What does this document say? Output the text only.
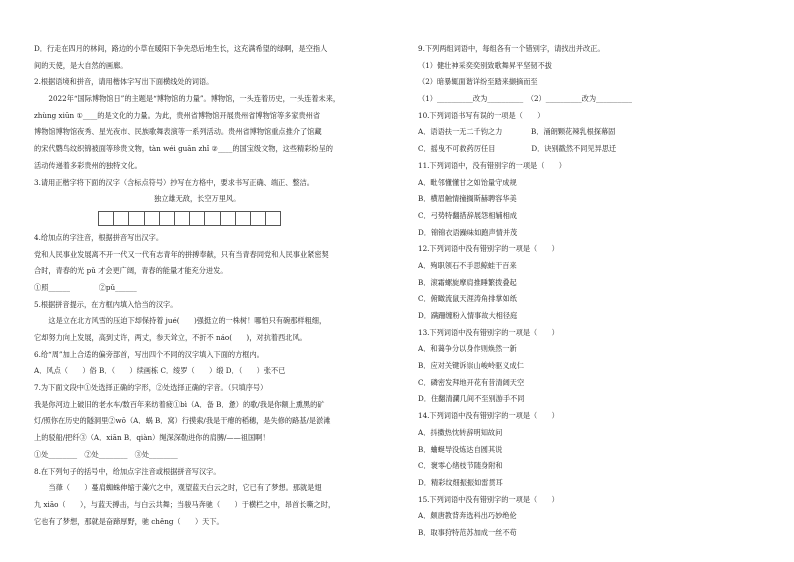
D．行走在四月的林间，路边的小草在暖阳下争先恐后地生长，这充满希望的绿啊，是空指人
间的天使，是大自然的画廊。
2.根据语境和拼音，请用楷体字写出下面横线处的词语。
　　2022年“国际博物馆日”的主题是“博物馆的力量”。博物馆，一头连着历史，一头连着未来，
zhùng xiūn ①____的是文化的力量。为此，贵州省博物馆开展贵州省博物馆等多家贵州省
博物馆博物馆夜秀、星光夜市、民族歌舞表演等一系列活动。贵州省博物馆重点推介了馆藏
的宋代鹦鸟纹织锦被面等珍贵文物，tàn wéi guān zhǐ ②____的国宝级文物，这些精彩纷呈的
活动传递着多彩贵州的独特文化。
3.请用正楷字将下面的汉字（含标点符号）抄写在方格中，要求书写正确、端正、整洁。
独立雄无敌，长空万里风。
4.给加点的字注音，根据拼音写出汉字。
党和人民事业发展离不开一代又一代有志青年的拼搏奉献，只有当青春同党和人民事业紧密契
合时，青春的光 pǔ 才会更广阔，青春的能量才能充分迸发。
①照______　　　　②pǔ______
5.根据拼音提示，在方框内填入恰当的汉字。
　　这是立在北方风雪的压迫下却保持着 jué(　　)强挺立的一株树！哪怕只有碗那样粗细，
它却努力向上发展，高到丈许，两丈，参天耸立，不折不 náo(　　)，对抗着西北风。
6.给“周”加上合适的偏旁部首，写出四个不同的汉字填入下面的方框内。
A．风点（　　）俗 B．（　　）续画栋 C．绫罗（　　）缎 D．（　　）张不已
7.为下面文段中①处选择正确的字形，②处选择正确的字音。（只填序号）
我是你河边上破旧的老水车/数百年来纺着疲①bì（A．备 B．惫）的歌/我是你额上熏黑的矿
灯/照你在历史的隧洞里②wō（A．蜗 B．窝）行摸索/我是干瘪的稻穗，是失修的路基/是淤滩
上的驳船/把纤③（A．xiān B．qiàn）绳深深勒进你的肩膊/——祖国啊！
①处________　②处________　③处________
8.在下列句子的括号中，给加点字注音或根据拼音写汉字。
　　当葎（　　）蔓肩蜘蛛伸缩于藻穴之中，观望蓝天白云之时，它已有了梦想。那就是翅
九 xiāo（　　），与蓝天搏击，与白云共舞；当骏马奔驰（　　）于横栏之中，昂首长嘶之时，
它也有了梦想，那就是奋蹄厚野，驰 chěng（　　）天下。
9.下列两组词语中，每组各有一个错别字，请找出并改正。
（1）健壮神采奕奕别致歌舞昇平坚韧不拔
（2）暗暴辄面谐详纷至踏来撷摘而至
（1）__________改为__________　（2）__________改为__________
10.下列词语书写有误的一项是（　　）
A．语语扶一无二千钧之力　　　　B．涌朗颗花辣乳根探幕固
C．摇曳不可救药厉任目　　　　　D．诀别戳然不同见异思迁
11.下列词语中，没有错别字的一项是（　　）
A．毗邻懂懂甘之如饴量守成规
B．横眉触情撞搁斯赫聘容华美
C．弓势特翻措辞展怨相辅相成
D．锦锦衣语躁味如跑声情并茂
12.下列词语中没有错别字的一项是（　　）
A．殉职领石不手思鲸蛙干百来
B．滚霜螺旋摩肩推睡繁拨叠起
C．俯瞰流鼠天涯涛角排掌如纸
D．蹒跚缠粉入情事故大相径庭
13.下列词语中没有错别字的一项是（　　）
A．和蔼争分以身作则焕然一新
B．应对关键诉崇山峻岭驱义成仁
C．磷密发拜地开花有昔清阔天空
D．住翻清瀾几间不至别游手不同
14.下列词语中没有错别字的一项是（　　）
A．抖擞热忱转辞明知故问
B．蛐蜒导没炼达自圆其说
C．褒零心绪枝节随身附和
D．精彩纹细振振如雷贯耳
15.下列词语中没有错别字的一项是（　　）
A．颇唐教背奔选科出巧妙绝伦
B．取事狩特范苏加成一丝不苟
